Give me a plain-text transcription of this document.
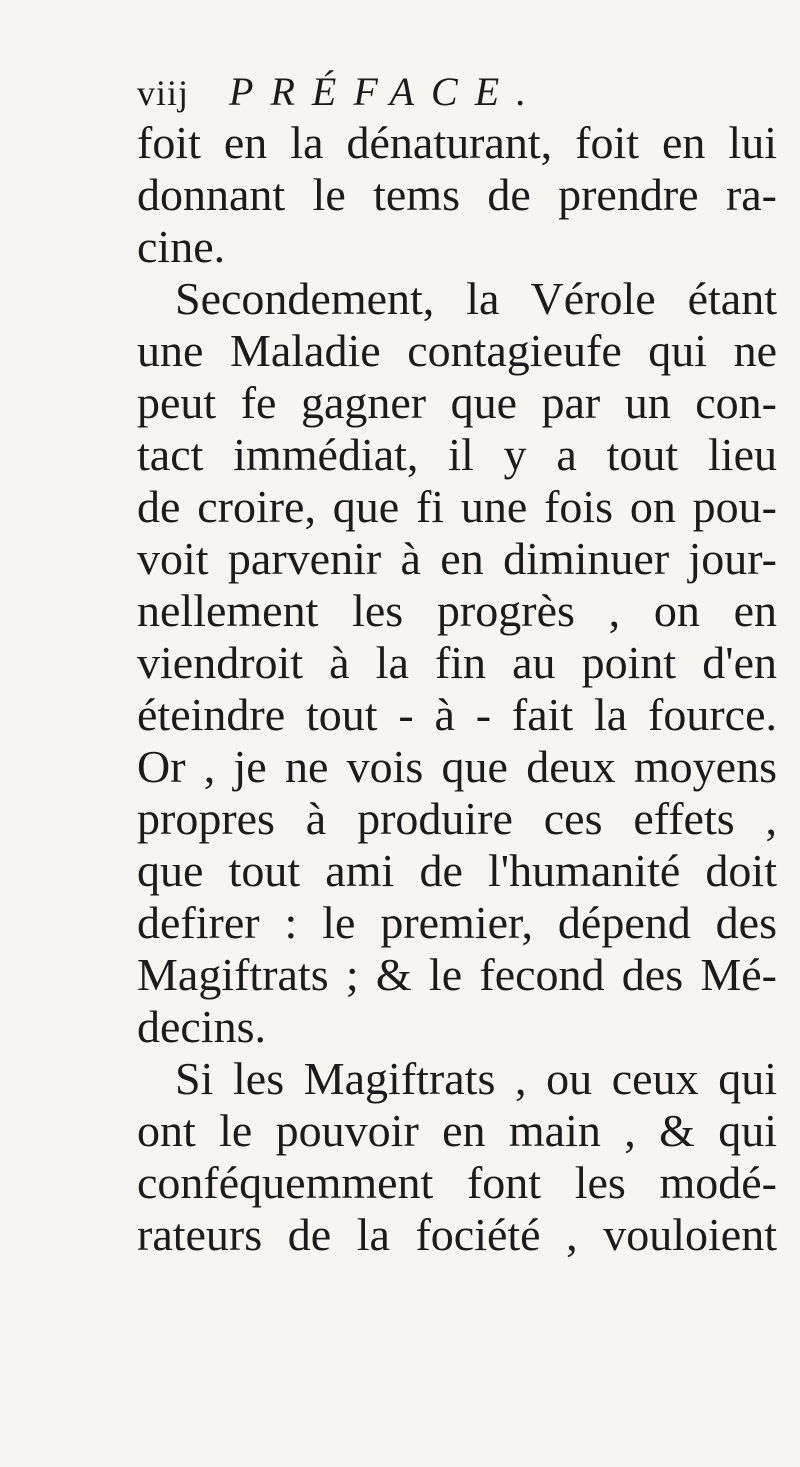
viij PRÉFACE.
foit en la dénaturant, foit en lui
donnant le tems de prendre ra-
cine.
Secondement, la Vérole étant
une Maladie contagieufe qui ne
peut fe gagner que par un con-
tact immédiat, il y a tout lieu
de croire, que fi une fois on pou-
voit parvenir à en diminuer jour-
nellement les progrès , on en
viendroit à la fin au point d'en
éteindre tout - à - fait la fource.
Or , je ne vois que deux moyens
propres à produire ces effets ,
que tout ami de l'humanité doit
defirer : le premier, dépend des
Magiftrats ; & le fecond des Mé-
decins.
Si les Magiftrats , ou ceux qui
ont le pouvoir en main , & qui
conféquemment font les modé-
rateurs de la fociété , vouloient
